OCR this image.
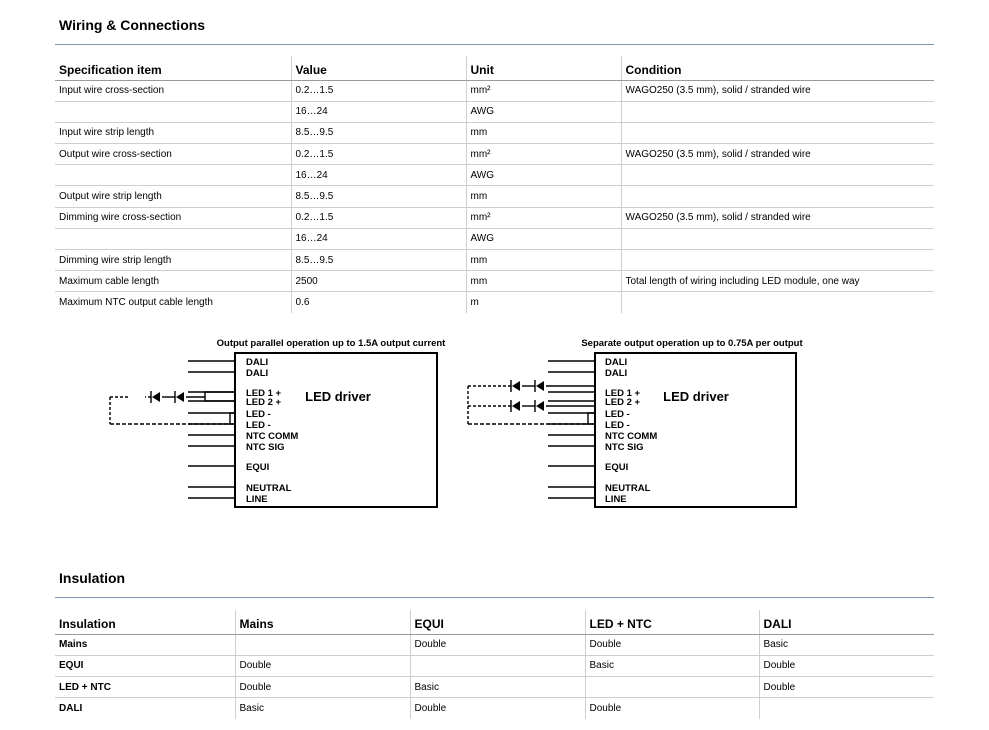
Wiring & Connections
Specification item	Value	Unit	Condition
Input wire cross-section	0.2…1.5	mm²	WAGO250 (3.5 mm), solid / stranded wire
	16…24	AWG	
Input wire strip length	8.5…9.5	mm	
Output wire cross-section	0.2…1.5	mm²	WAGO250 (3.5 mm), solid / stranded wire
	16…24	AWG	
Output wire strip length	8.5…9.5	mm	
Dimming wire cross-section	0.2…1.5	mm²	WAGO250 (3.5 mm), solid / stranded wire
	16…24	AWG	
Dimming wire strip length	8.5…9.5	mm	
Maximum cable length	2500	mm	Total length of wiring including LED module, one way
Maximum NTC output cable length	0.6	m	
Output parallel operation up to 1.5A output current
LED driver
DALI
DALI
LED 1 +
LED 2 +
LED -
LED -
NTC COMM
NTC SIG
EQUI
NEUTRAL
LINE
Separate output operation up to 0.75A per output
LED driver
DALI
DALI
LED 1 +
LED 2 +
LED -
LED -
NTC COMM
NTC SIG
EQUI
NEUTRAL
LINE
Insulation
Insulation	Mains	EQUI	LED + NTC	DALI
Mains		Double	Double	Basic
EQUI	Double		Basic	Double
LED + NTC	Double	Basic		Double
DALI	Basic	Double	Double	
